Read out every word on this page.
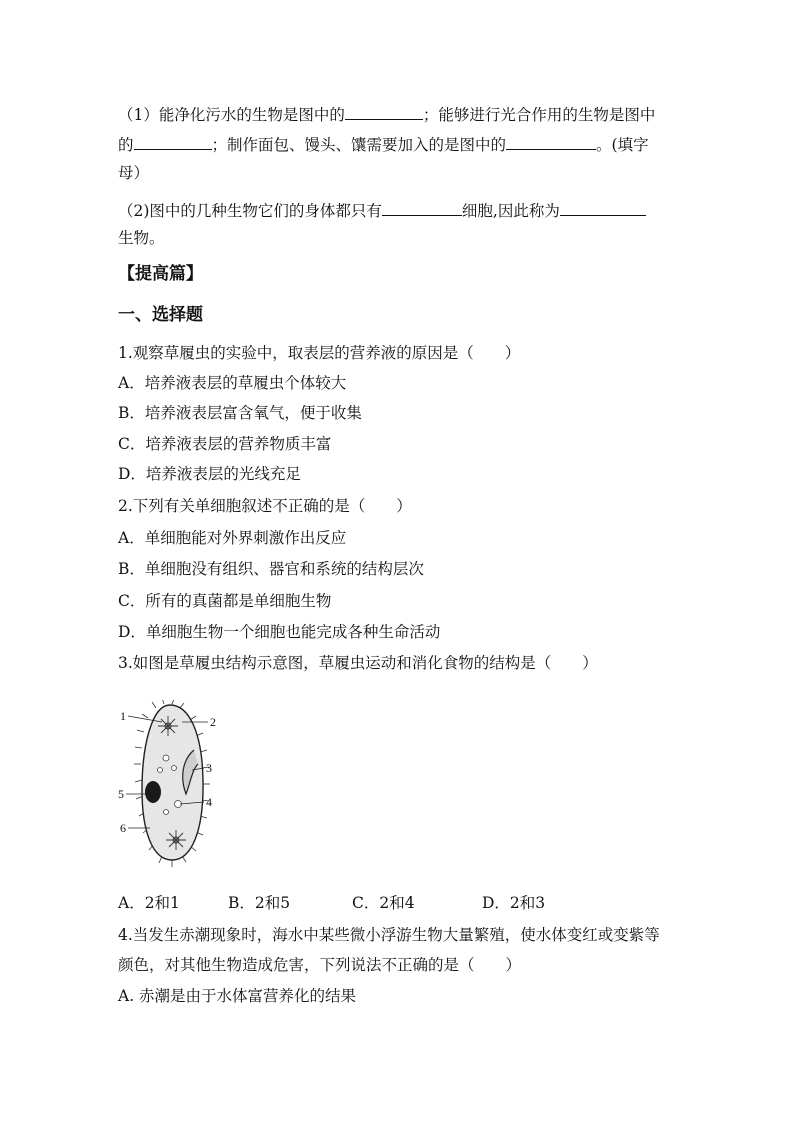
（1）能净化污水的生物是图中的	；能够进行光合作用的生物是图中
的	；制作面包、馒头、馕需要加入的是图中的	。(填字
母）
（2)图中的几种生物它们的身体都只有	细胞,因此称为
生物。
【提高篇】
一、选择题
1.观察草履虫的实验中，取表层的营养液的原因是（　　）
A．培养液表层的草履虫个体较大
B．培养液表层富含氧气，便于收集
C．培养液表层的营养物质丰富
D．培养液表层的光线充足
2.下列有关单细胞叙述不正确的是（　　）
A．单细胞能对外界刺激作出反应
B．单细胞没有组织、器官和系统的结构层次
C．所有的真菌都是单细胞生物
D．单细胞生物一个细胞也能完成各种生命活动
3.如图是草履虫结构示意图，草履虫运动和消化食物的结构是（　　）
1	2
3
4
5
6
A．2和1	B．2和5	C．2和4	D．2和3
4.当发生赤潮现象时，海水中某些微小浮游生物大量繁殖，使水体变红或变紫等
颜色，对其他生物造成危害，下列说法不正确的是（　　）
A. 赤潮是由于水体富营养化的结果
